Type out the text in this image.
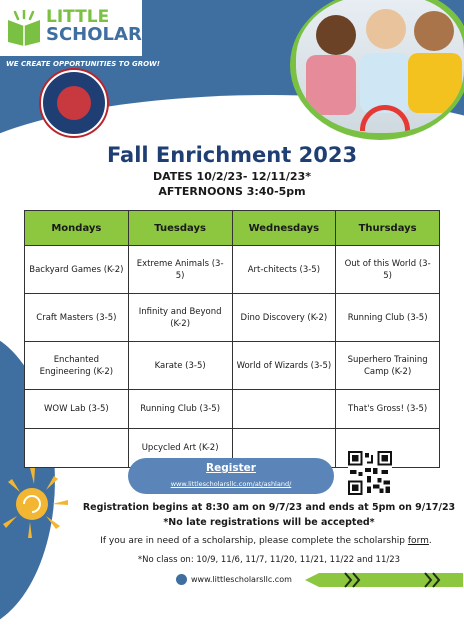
LITTLE
SCHOLARS
WE CREATE OPPORTUNITIES TO GROW!
Fall Enrichment 2023
DATES 10/2/23- 12/11/23*
AFTERNOONS 3:40-5pm
Mondays	Tuesdays	Wednesdays	Thursdays
Backyard Games (K-2)	Extreme Animals (3-5)	Art-chitects (3-5)	Out of this World (3-5)
Craft Masters (3-5)	Infinity and Beyond (K-2)	Dino Discovery (K-2)	Running Club (3-5)
Enchanted Engineering (K-2)	Karate (3-5)	World of Wizards (3-5)	Superhero Training Camp (K-2)
WOW Lab (3-5)	Running Club (3-5)		That's Gross! (3-5)
	Upcycled Art (K-2)		
Register
www.littlescholarsllc.com/at/ashland/
Registration begins at 8:30 am on 9/7/23 and ends at 5pm on 9/17/23
*No late registrations will be accepted*
If you are in need of a scholarship, please complete the scholarship form.
*No class on: 10/9, 11/6, 11/7, 11/20, 11/21, 11/22 and 11/23
www.littlescholarsllc.com
